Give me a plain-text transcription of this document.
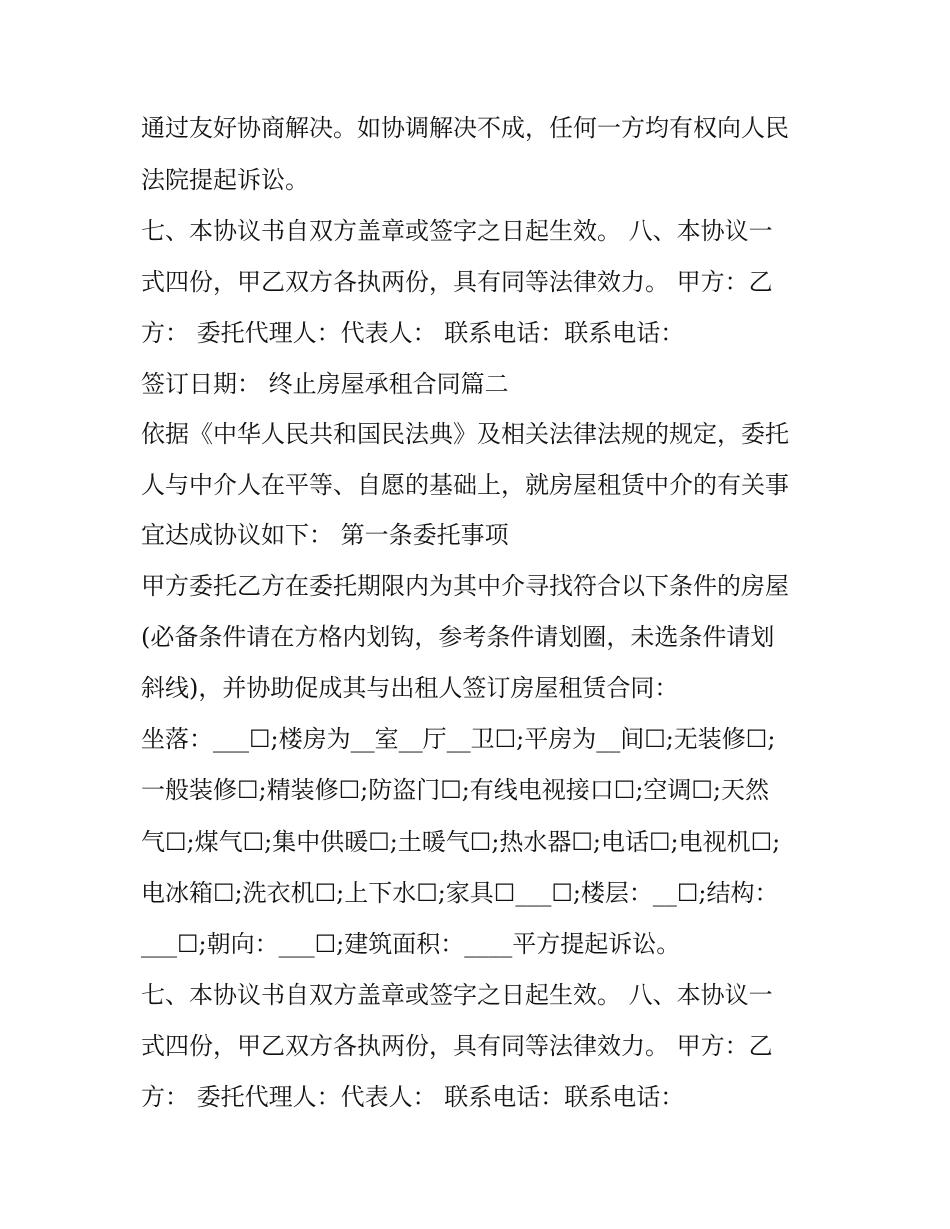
通过友好协商解决。如协调解决不成，任何一方均有权向人民
法院提起诉讼。
七、本协议书自双方盖章或签字之日起生效。 八、本协议一
式四份，甲乙双方各执两份，具有同等法律效力。 甲方：乙
方： 委托代理人：代表人： 联系电话：联系电话：
签订日期： 终止房屋承租合同篇二
依据《中华人民共和国民法典》及相关法律法规的规定，委托
人与中介人在平等、自愿的基础上，就房屋租赁中介的有关事
宜达成协议如下： 第一条委托事项
甲方委托乙方在委托期限内为其中介寻找符合以下条件的房屋
(必备条件请在方格内划钩，参考条件请划圈，未选条件请划
斜线)，并协助促成其与出租人签订房屋租赁合同：
坐落：___☐;楼房为__室__厅__卫☐;平房为__间☐;无装修☐;
一般装修☐;精装修☐;防盗门☐;有线电视接口☐;空调☐;天然
气☐;煤气☐;集中供暖☐;土暖气☐;热水器☐;电话☐;电视机☐;
电冰箱☐;洗衣机☐;上下水☐;家具☐___☐;楼层：__☐;结构：
___☐;朝向：___☐;建筑面积：____平方提起诉讼。
七、本协议书自双方盖章或签字之日起生效。 八、本协议一
式四份，甲乙双方各执两份，具有同等法律效力。 甲方：乙
方： 委托代理人：代表人： 联系电话：联系电话：
